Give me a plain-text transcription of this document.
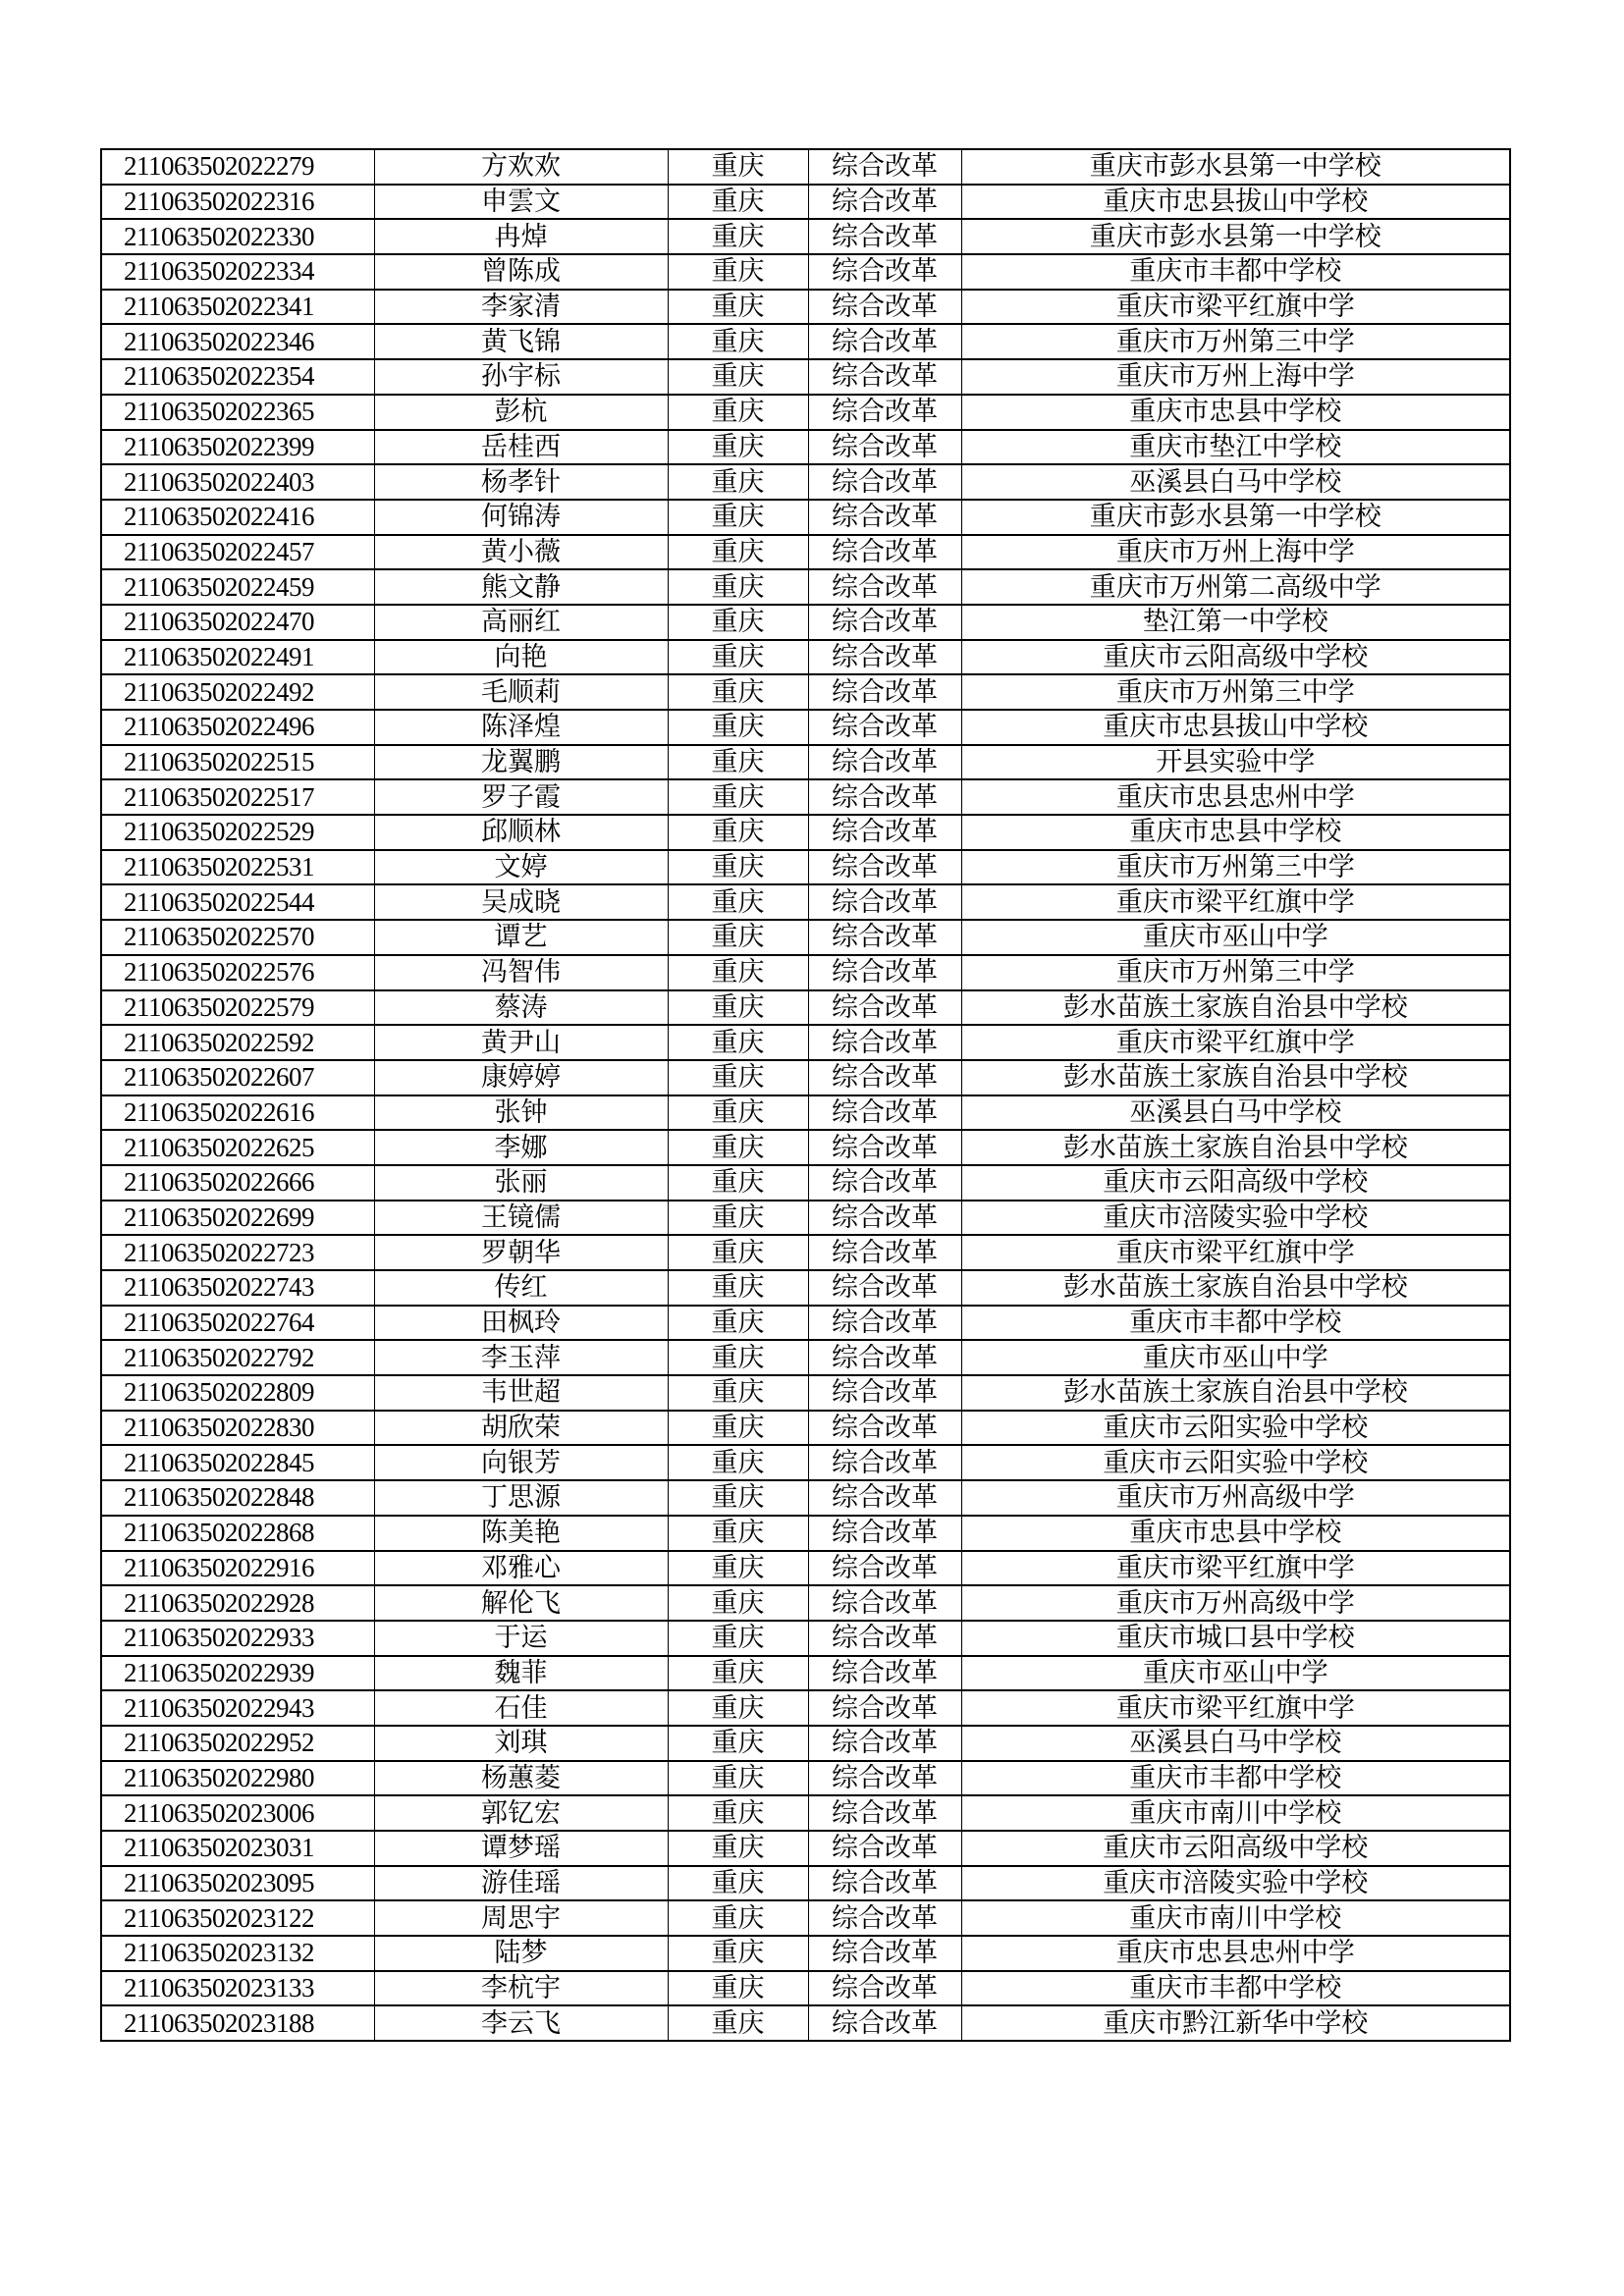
211063502022279	方欢欢	重庆	综合改革	重庆市彭水县第一中学校
211063502022316	申雲文	重庆	综合改革	重庆市忠县拔山中学校
211063502022330	冉焯	重庆	综合改革	重庆市彭水县第一中学校
211063502022334	曾陈成	重庆	综合改革	重庆市丰都中学校
211063502022341	李家清	重庆	综合改革	重庆市梁平红旗中学
211063502022346	黄飞锦	重庆	综合改革	重庆市万州第三中学
211063502022354	孙宇标	重庆	综合改革	重庆市万州上海中学
211063502022365	彭杭	重庆	综合改革	重庆市忠县中学校
211063502022399	岳桂西	重庆	综合改革	重庆市垫江中学校
211063502022403	杨孝针	重庆	综合改革	巫溪县白马中学校
211063502022416	何锦涛	重庆	综合改革	重庆市彭水县第一中学校
211063502022457	黄小薇	重庆	综合改革	重庆市万州上海中学
211063502022459	熊文静	重庆	综合改革	重庆市万州第二高级中学
211063502022470	高丽红	重庆	综合改革	垫江第一中学校
211063502022491	向艳	重庆	综合改革	重庆市云阳高级中学校
211063502022492	毛顺莉	重庆	综合改革	重庆市万州第三中学
211063502022496	陈泽煌	重庆	综合改革	重庆市忠县拔山中学校
211063502022515	龙翼鹏	重庆	综合改革	开县实验中学
211063502022517	罗子霞	重庆	综合改革	重庆市忠县忠州中学
211063502022529	邱顺林	重庆	综合改革	重庆市忠县中学校
211063502022531	文婷	重庆	综合改革	重庆市万州第三中学
211063502022544	吴成晓	重庆	综合改革	重庆市梁平红旗中学
211063502022570	谭艺	重庆	综合改革	重庆市巫山中学
211063502022576	冯智伟	重庆	综合改革	重庆市万州第三中学
211063502022579	蔡涛	重庆	综合改革	彭水苗族土家族自治县中学校
211063502022592	黄尹山	重庆	综合改革	重庆市梁平红旗中学
211063502022607	康婷婷	重庆	综合改革	彭水苗族土家族自治县中学校
211063502022616	张钟	重庆	综合改革	巫溪县白马中学校
211063502022625	李娜	重庆	综合改革	彭水苗族土家族自治县中学校
211063502022666	张丽	重庆	综合改革	重庆市云阳高级中学校
211063502022699	王镜儒	重庆	综合改革	重庆市涪陵实验中学校
211063502022723	罗朝华	重庆	综合改革	重庆市梁平红旗中学
211063502022743	传红	重庆	综合改革	彭水苗族土家族自治县中学校
211063502022764	田枫玲	重庆	综合改革	重庆市丰都中学校
211063502022792	李玉萍	重庆	综合改革	重庆市巫山中学
211063502022809	韦世超	重庆	综合改革	彭水苗族土家族自治县中学校
211063502022830	胡欣荣	重庆	综合改革	重庆市云阳实验中学校
211063502022845	向银芳	重庆	综合改革	重庆市云阳实验中学校
211063502022848	丁思源	重庆	综合改革	重庆市万州高级中学
211063502022868	陈美艳	重庆	综合改革	重庆市忠县中学校
211063502022916	邓雅心	重庆	综合改革	重庆市梁平红旗中学
211063502022928	解伦飞	重庆	综合改革	重庆市万州高级中学
211063502022933	于运	重庆	综合改革	重庆市城口县中学校
211063502022939	魏菲	重庆	综合改革	重庆市巫山中学
211063502022943	石佳	重庆	综合改革	重庆市梁平红旗中学
211063502022952	刘琪	重庆	综合改革	巫溪县白马中学校
211063502022980	杨蕙菱	重庆	综合改革	重庆市丰都中学校
211063502023006	郭钇宏	重庆	综合改革	重庆市南川中学校
211063502023031	谭梦瑶	重庆	综合改革	重庆市云阳高级中学校
211063502023095	游佳瑶	重庆	综合改革	重庆市涪陵实验中学校
211063502023122	周思宇	重庆	综合改革	重庆市南川中学校
211063502023132	陆梦	重庆	综合改革	重庆市忠县忠州中学
211063502023133	李杭宇	重庆	综合改革	重庆市丰都中学校
211063502023188	李云飞	重庆	综合改革	重庆市黔江新华中学校
